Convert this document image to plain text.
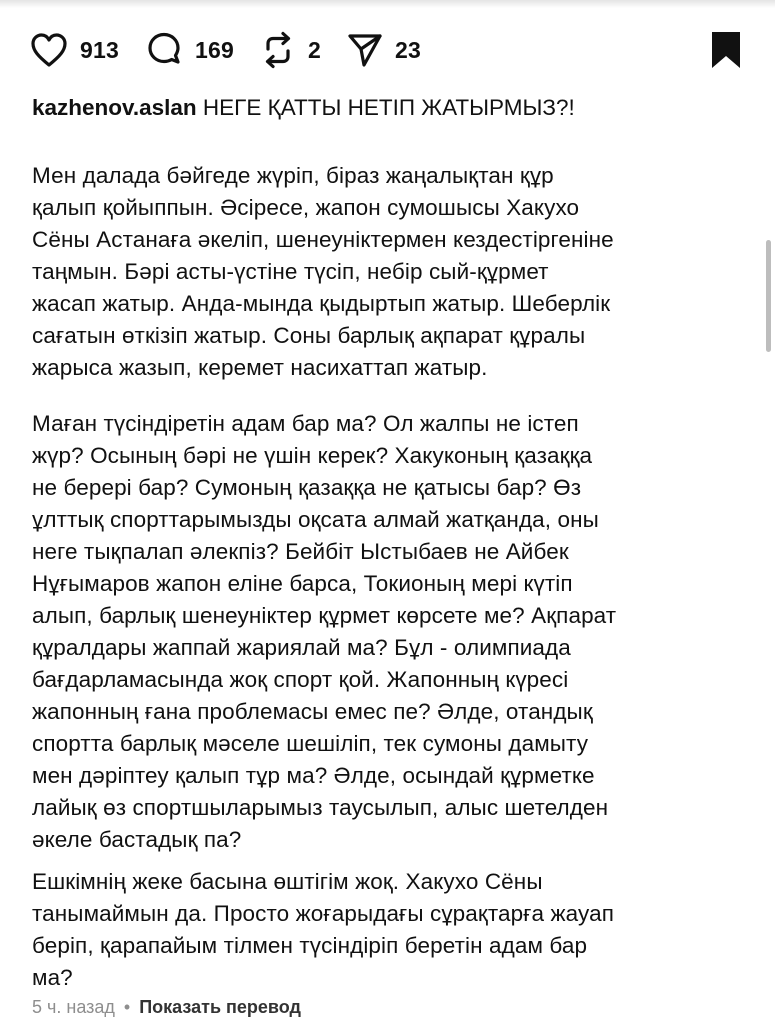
913	169	2	23
kazhenov.aslan НЕГЕ ҚАТТЫ НЕТІП ЖАТЫРМЫЗ?!
Мен далада бәйгеде жүріп, біраз жаңалықтан құр
қалып қойыппын. Әсіресе, жапон сумошысы Хакухо
Сёны Астанаға әкеліп, шенеуніктермен кездестіргеніне
таңмын. Бәрі асты-үстіне түсіп, небір сый-құрмет
жасап жатыр. Анда-мында қыдыртып жатыр. Шеберлік
сағатын өткізіп жатыр. Соны барлық ақпарат құралы
жарыса жазып, керемет насихаттап жатыр.
Маған түсіндіретін адам бар ма? Ол жалпы не істеп
жүр? Осының бәрі не үшін керек? Хакуконың қазаққа
не берері бар? Сумоның қазаққа не қатысы бар? Өз
ұлттық спорттарымызды оқсата алмай жатқанда, оны
неге тықпалап әлекпіз? Бейбіт Ыстыбаев не Айбек
Нұғымаров жапон еліне барса, Токионың мері күтіп
алып, барлық шенеуніктер құрмет көрсете ме? Ақпарат
құралдары жаппай жариялай ма? Бұл - олимпиада
бағдарламасында жоқ спорт қой. Жапонның күресі
жапонның ғана проблемасы емес пе? Әлде, отандық
спортта барлық мәселе шешіліп, тек сумоны дамыту
мен дәріптеу қалып тұр ма? Әлде, осындай құрметке
лайық өз спортшыларымыз таусылып, алыс шетелден
әкеле бастадық па?
Ешкімнің жеке басына өштігім жоқ. Хакухо Сёны
танымаймын да. Просто жоғарыдағы сұрақтарға жауап
беріп, қарапайым тілмен түсіндіріп беретін адам бар
ма?
5 ч. назад • Показать перевод
